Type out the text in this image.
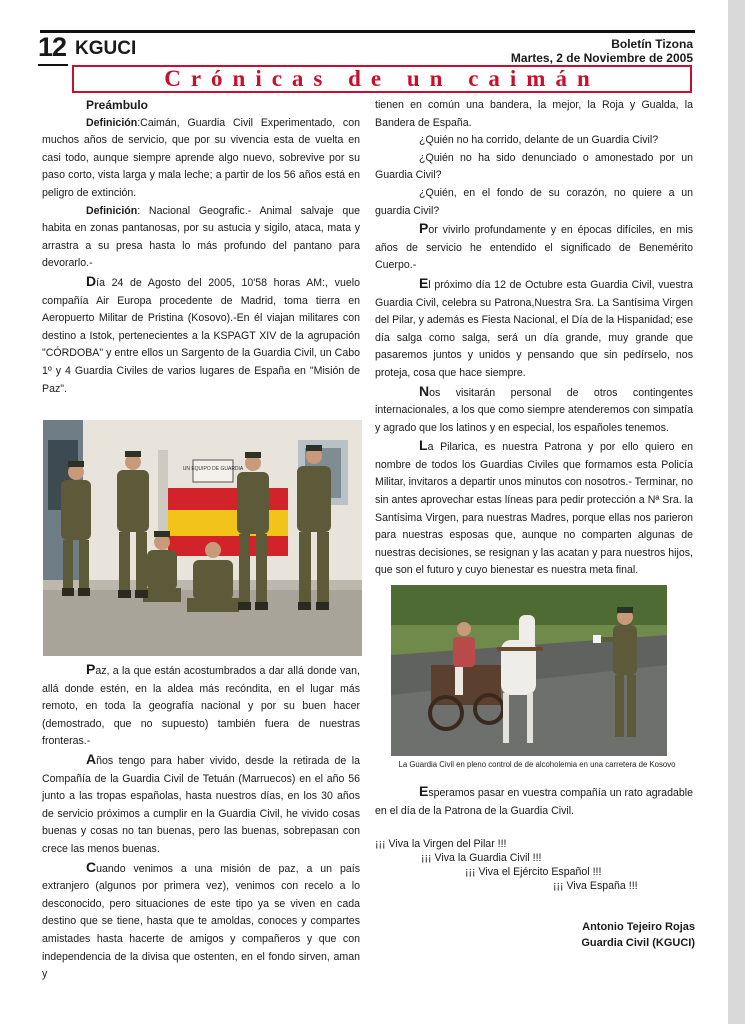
12 KGUCI	Boletín Tizona
Martes, 2 de Noviembre de 2005
Crónicas de un caimán

Preámbulo

Definición:Caimán, Guardia Civil Experimentado, con muchos años de servicio, que por su vivencia esta de vuelta en casi todo, aunque siempre aprende algo nuevo, sobrevive por su paso corto, vista larga y mala leche; a partir de los 56 años está en peligro de extinción.

Definición: Nacional Geografic.- Animal salvaje que habita en zonas pantanosas, por su astucia y sigilo, ataca, mata y arrastra a su presa hasta lo más profundo del pantano para devorarlo.-

Día 24 de Agosto del 2005, 10'58 horas AM:, vuelo compañía Air Europa procedente de Madrid, toma tierra en Aeropuerto Militar de Pristina (Kosovo).-En él viajan militares con destino a Istok, pertenecientes a la KSPAGT XIV de la agrupación "CÓRDOBA" y entre ellos un Sargento de la Guardia Civil, un Cabo 1º y 4 Guardia Civiles de varios lugares de España en "Misión de Paz".

UN EQUIPO DE GUARDIA

Paz, a la que están acostumbrados a dar allá donde van, allá donde estén, en la aldea más recóndita, en el lugar más remoto, en toda la geografía nacional y por su buen hacer (demostrado, que no supuesto) también fuera de nuestras fronteras.-

Años tengo para haber vivido, desde la retirada de la Compañía de la Guardia Civil de Tetuán (Marruecos) en el año 56 junto a las tropas españolas, hasta nuestros días, en los 30 años de servicio próximos a cumplir en la Guardia Civil, he vivido cosas buenas y cosas no tan buenas, pero las buenas, sobrepasan con crece las menos buenas.

Cuando venimos a una misión de paz, a un país extranjero (algunos por primera vez), venimos con recelo a lo desconocido, pero situaciones de este tipo ya se viven en cada destino que se tiene, hasta que te amoldas, conoces y compartes amistades hasta hacerte de amigos y compañeros y que con independencia de la divisa que ostenten, en el fondo sirven, aman y

tienen en común una bandera, la mejor, la Roja y Gualda, la Bandera de España.

¿Quién no ha corrido, delante de un Guardia Civil?

¿Quién no ha sido denunciado o amonestado por un Guardia Civil?

¿Quién, en el fondo de su corazón, no quiere a un guardia Civil?

Por vivirlo profundamente y en épocas difíciles, en mis años de servicio he entendido el significado de Benemérito Cuerpo.-

El próximo día 12 de Octubre esta Guardia Civil, vuestra Guardia Civil, celebra su Patrona,Nuestra Sra. La Santísima Virgen del Pilar, y además es Fiesta Nacional, el Día de la Hispanidad; ese día salga como salga, será un día grande, muy grande que pasaremos juntos y unidos y pensando que sin pedírselo, nos proteja, cosa que hace siempre.

Nos visitarán personal de otros contingentes internacionales, a los que como siempre atenderemos con simpatía y agrado que los latinos y en especial, los españoles tenemos.

La Pilarica, es nuestra Patrona y por ello quiero en nombre de todos los Guardias Civiles que formamos esta Policía Militar, invitaros a departir unos minutos con nosotros.- Terminar, no sin antes aprovechar estas líneas para pedir protección a Nª Sra. la Santísima Virgen, para nuestras Madres, porque ellas nos parieron para nuestras esposas que, aunque no comparten algunas de nuestras decisiones, se resignan y las acatan y para nuestros hijos, que son el futuro y cuyo bienestar es nuestra meta final.

La Guardia Civil en pleno control de de alcoholemia en una carretera de Kosovo

Esperamos pasar en vuestra compañía un rato agradable en el día de la Patrona de la Guardia Civil.

¡¡¡ Viva la Virgen del Pilar !!!
¡¡¡ Viva la Guardia Civil !!!
¡¡¡ Viva el Ejército Español !!!
¡¡¡ Viva España !!!
Antonio Tejeiro Rojas
Guardia Civil (KGUCI)
